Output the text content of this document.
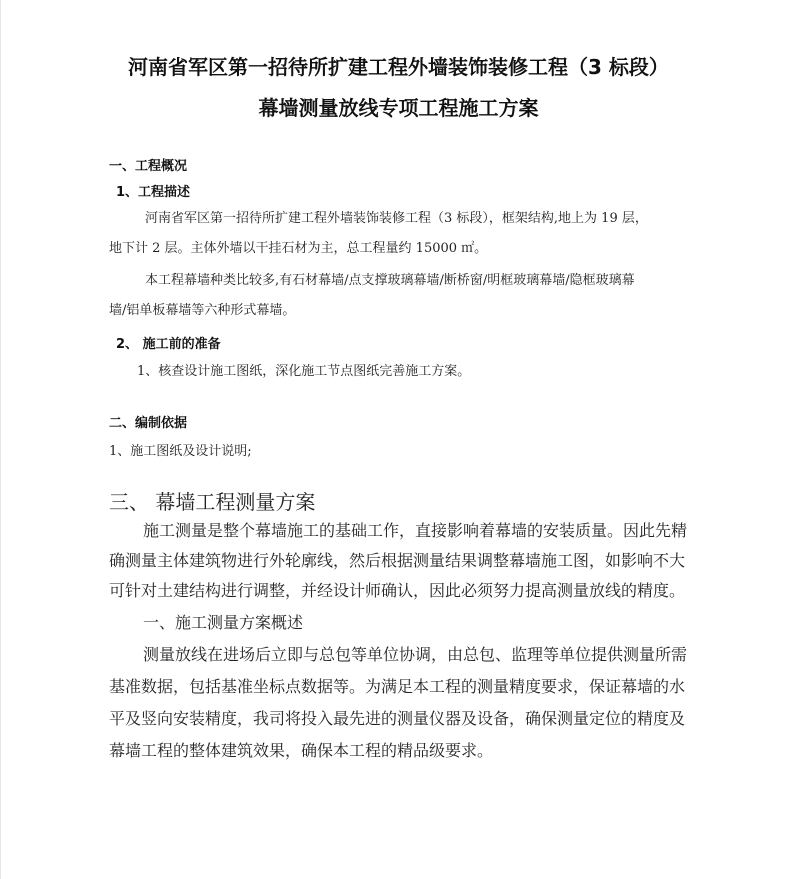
河南省军区第一招待所扩建工程外墙装饰装修工程（3 标段）
幕墙测量放线专项工程施工方案
一、工程概况
1、工程描述
河南省军区第一招待所扩建工程外墙装饰装修工程（3 标段），框架结构,地上为 19 层，
地下计 2 层。主体外墙以干挂石材为主，总工程量约 15000 ㎡。
本工程幕墙种类比较多,有石材幕墙/点支撑玻璃幕墙/断桥窗/明框玻璃幕墙/隐框玻璃幕
墙/铝单板幕墙等六种形式幕墙。
2、 施工前的准备
1、核查设计施工图纸，深化施工节点图纸完善施工方案。
二、编制依据
1、施工图纸及设计说明;
三、 幕墙工程测量方案
施工测量是整个幕墙施工的基础工作，直接影响着幕墙的安装质量。因此先精
确测量主体建筑物进行外轮廓线，然后根据测量结果调整幕墙施工图，如影响不大
可针对土建结构进行调整，并经设计师确认，因此必须努力提高测量放线的精度。
一、施工测量方案概述
测量放线在进场后立即与总包等单位协调，由总包、监理等单位提供测量所需
基准数据，包括基准坐标点数据等。为满足本工程的测量精度要求，保证幕墙的水
平及竖向安装精度，我司将投入最先进的测量仪器及设备，确保测量定位的精度及
幕墙工程的整体建筑效果，确保本工程的精品级要求。
